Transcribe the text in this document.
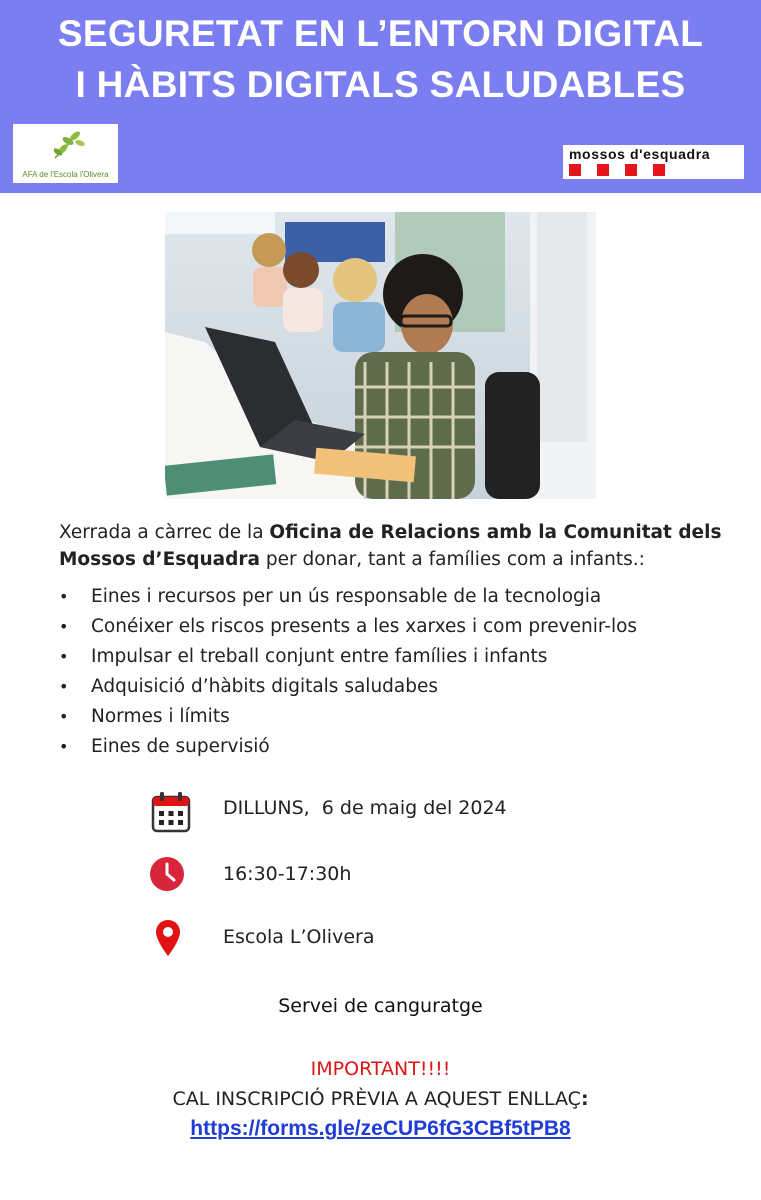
SEGURETAT EN L’ENTORN DIGITAL
I HÀBITS DIGITALS SALUDABLES
AFA de l'Escola l'Olivera
mossos d'esquadra
Xerrada a càrrec de la Oficina de Relacions amb la Comunitat dels Mossos d’Esquadra per donar, tant a famílies com a infants.:
•	Eines i recursos per un ús responsable de la tecnologia
•	Conéixer els riscos presents a les xarxes i com prevenir-los
•	Impulsar el treball conjunt entre famílies i infants
•	Adquisició d’hàbits digitals saludabes
•	Normes i límits
•	Eines de supervisió
DILLUNS,  6 de maig del 2024
16:30-17:30h
Escola L’Olivera
Servei de canguratge
IMPORTANT!!!!
CAL INSCRIPCIÓ PRÈVIA A AQUEST ENLLAÇ:
https://forms.gle/zeCUP6fG3CBf5tPB8
